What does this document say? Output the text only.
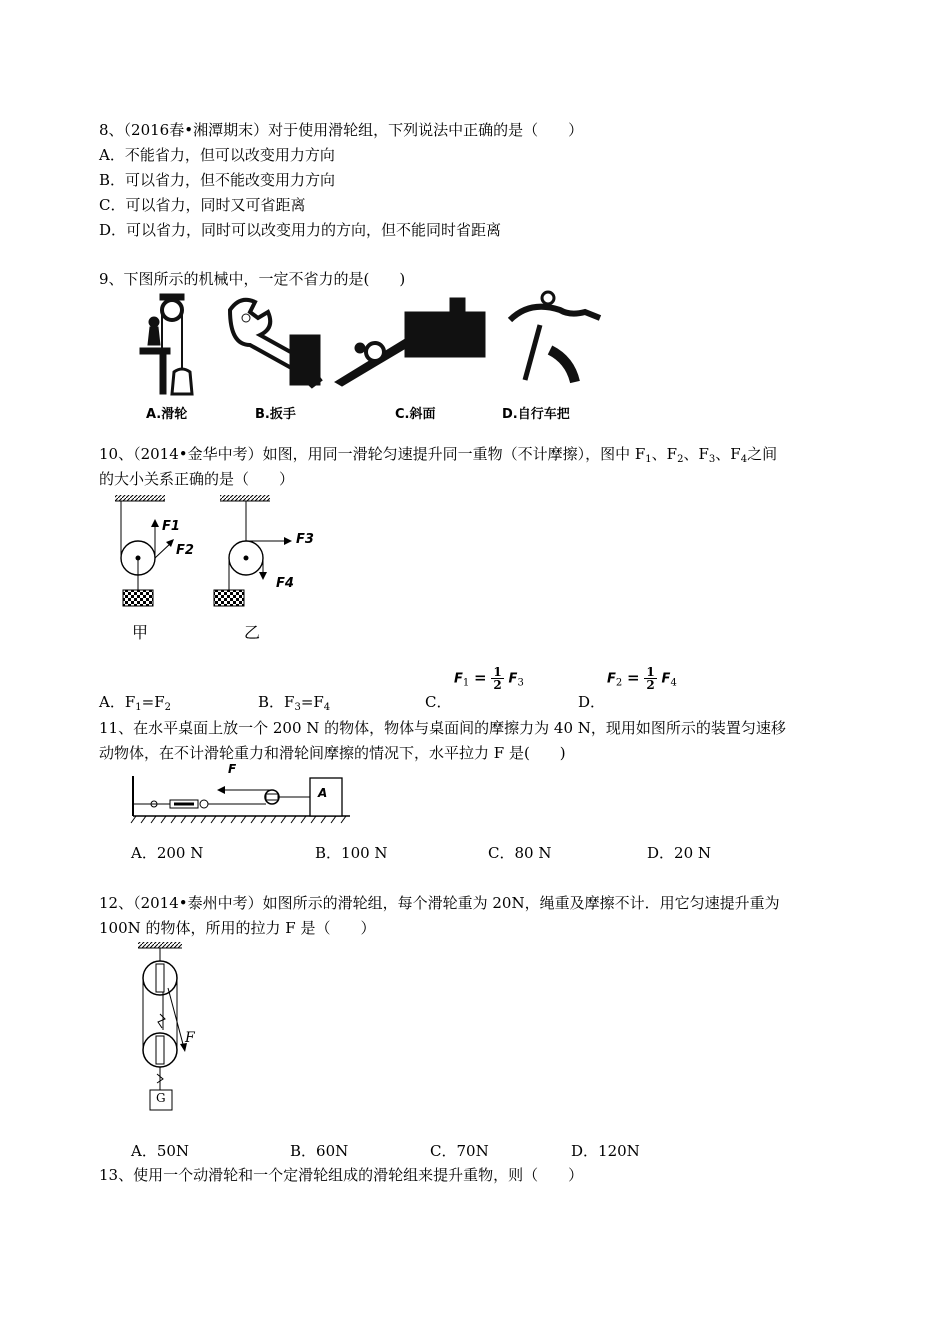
8、（2016春•湘潭期末）对于使用滑轮组，下列说法中正确的是（　　）
A．不能省力，但可以改变用力方向
B．可以省力，但不能改变用力方向
C．可以省力，同时又可省距离
D．可以省力，同时可以改变用力的方向，但不能同时省距离
9、下图所示的机械中，一定不省力的是(　　)
A.滑轮	B.扳手	C.斜面	D.自行车把
10、（2014•金华中考）如图，用同一滑轮匀速提升同一重物（不计摩擦），图中 $F_1$、$F_2$、$F_3$、$F_4$之间
的大小关系正确的是（　　）
F1
F2
F3
F4
甲	乙
A．$F_1=F_2$	B．$F_3=F_4$	C．
$F_1 = \frac{1}{2} F_3$
D．
$F_2 = \frac{1}{2} F_4$
11、在水平桌面上放一个 200 N 的物体，物体与桌面间的摩擦力为 40 N，现用如图所示的装置匀速移
动物体，在不计滑轮重力和滑轮间摩擦的情况下，水平拉力 F 是(　　)
F
A
A．200 N	B．100 N	C．80 N	D．20 N
12、（2014•泰州中考）如图所示的滑轮组，每个滑轮重为 20N，绳重及摩擦不计．用它匀速提升重为
100N 的物体，所用的拉力 F 是（　　）
F
G
A．50N	B．60N	C．70N	D．120N
13、使用一个动滑轮和一个定滑轮组成的滑轮组来提升重物，则（　　）
